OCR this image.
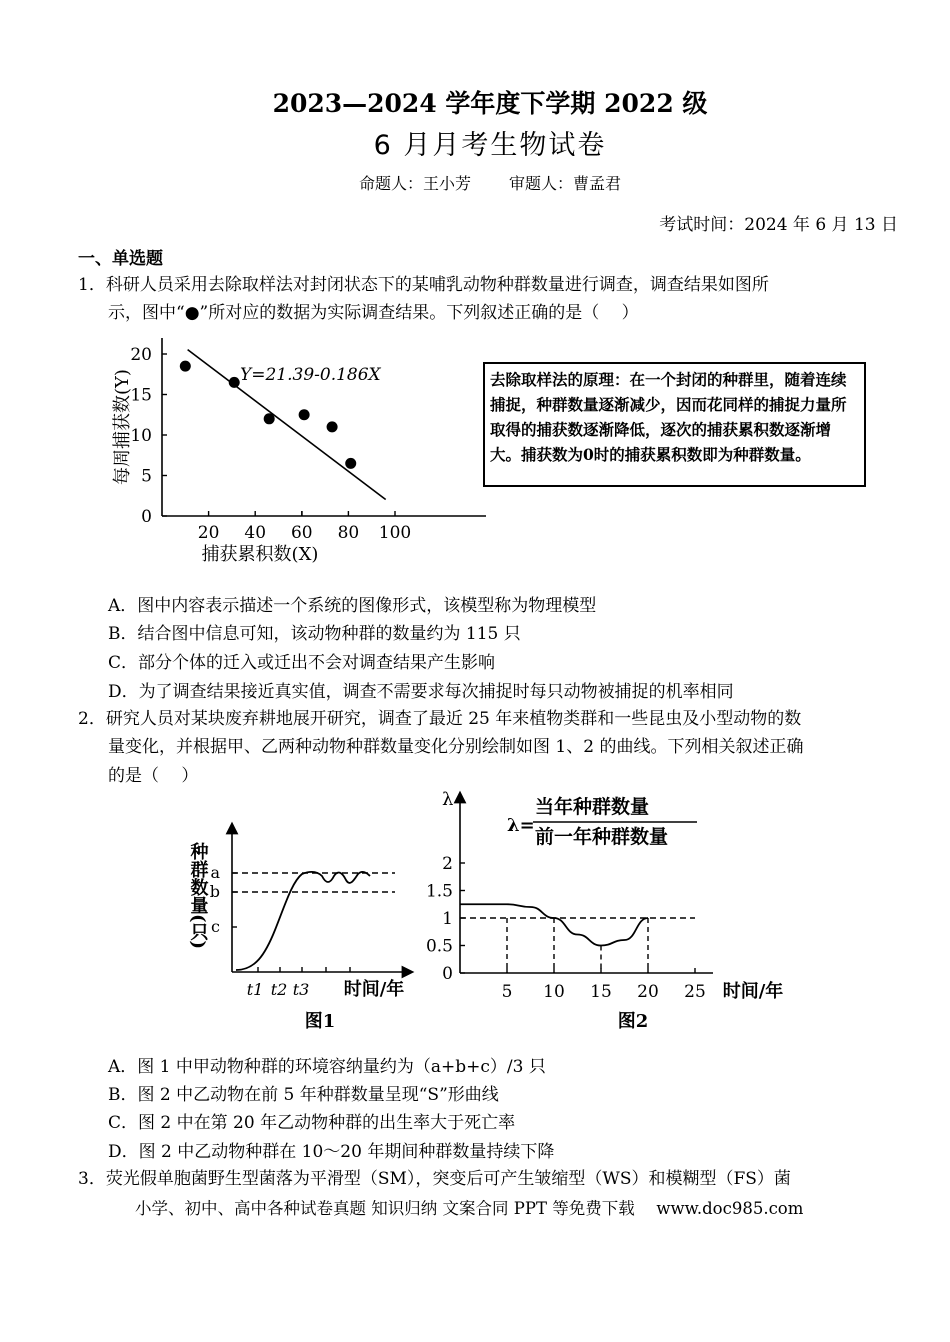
2023—2024 学年度下学期 2022 级
6 月月考生物试卷
命题人：王小芳 审题人：曹孟君
考试时间：2024 年 6 月 13 日
一、单选题
1．科研人员采用去除取样法对封闭状态下的某哺乳动物种群数量进行调查，调查结果如图所
示，图中“●”所对应的数据为实际调查结果。下列叙述正确的是（　 ）
0
5
10
15
20
20 40 60 80 100
Y=21.39-0.186X
捕获累积数(X)
每周捕获数(Y)	去除取样法的原理：在一个封闭的种群里，随着连续捕捉，种群数量逐渐减少，因而花同样的捕捉力量所取得的捕获数逐渐降低，逐次的捕获累积数逐渐增大。捕获数为0时的捕获累积数即为种群数量。
A．图中内容表示描述一个系统的图像形式，该模型称为物理模型
B．结合图中信息可知，该动物种群的数量约为 115 只
C．部分个体的迁入或迁出不会对调查结果产生影响
D．为了调查结果接近真实值，调查不需要求每次捕捉时每只动物被捕捉的机率相同
2．研究人员对某块废弃耕地展开研究，调查了最近 25 年来植物类群和一些昆虫及小型动物的数
量变化，并根据甲、乙两种动物种群数量变化分别绘制如图 1、2 的曲线。下列相关叙述正确
的是（　 ）
a
b
c
t1 t2 t3 时间/年
图1
种群数量(只)
λ
λ=
当年种群数量
前一年种群数量
0
0.5
1
1.5
2
5 10 15 20 25 时间/年
图2
A．图 1 中甲动物种群的环境容纳量约为（a+b+c）/3 只
B．图 2 中乙动物在前 5 年种群数量呈现“S”形曲线
C．图 2 中在第 20 年乙动物种群的出生率大于死亡率
D．图 2 中乙动物种群在 10～20 年期间种群数量持续下降
3．荧光假单胞菌野生型菌落为平滑型（SM），突变后可产生皱缩型（WS）和模糊型（FS）菌
小学、初中、高中各种试卷真题 知识归纳 文案合同 PPT 等免费下载　 www.doc985.com
